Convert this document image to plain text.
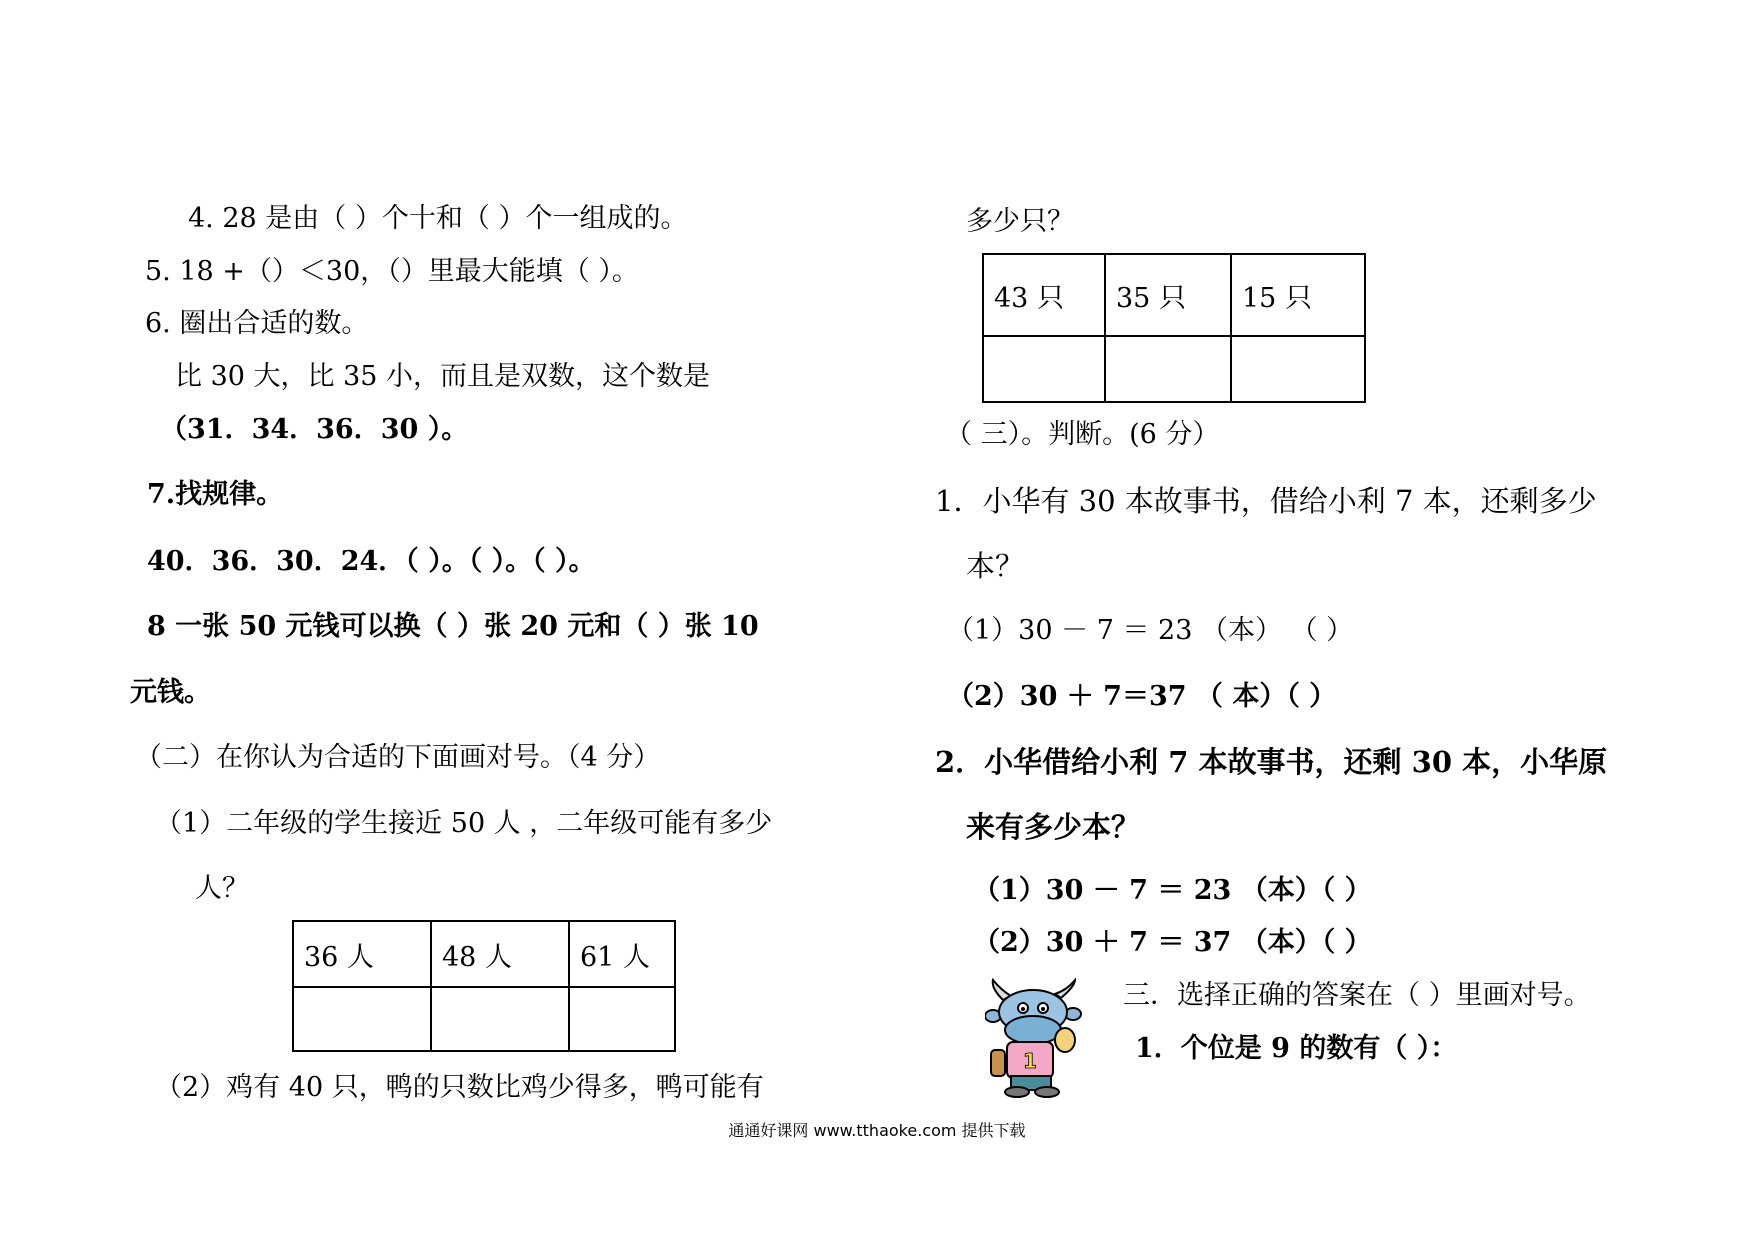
4. 28 是由（ ）个十和（ ）个一组成的。
5. 18 +（）＜30，（）里最大能填（ ）。
6. 圈出合适的数。
比 30 大，比 35 小，而且是双数，这个数是
（31．34．36．30 ）。
7.找规律。
40．36．30．24．（ ）。（ ）。（ ）。
8 一张 50 元钱可以换（ ）张 20 元和（ ）张 10
元钱。
（二）在你认为合适的下面画对号。（4 分）
（1）二年级的学生接近 50 人 ，二年级可能有多少
人？
36 人	48 人	61 人

（2）鸡有 40 只，鸭的只数比鸡少得多，鸭可能有
多少只？
43 只	35 只	15 只

（ 三）。判断。(6 分）
1．小华有 30 本故事书，借给小利 7 本，还剩多少
本？
（1）30 － 7 ＝ 23 （本） （ ）
（2）30 ＋ 7＝37 （ 本）（ ）
2．小华借给小利 7 本故事书，还剩 30 本，小华原
来有多少本？
（1）30 － 7 ＝ 23 （本）（ ）
（2）30 ＋ 7 ＝ 37 （本）（ ）
三．选择正确的答案在（ ）里画对号。
1．个位是 9 的数有（ ）：
1
通通好课网 www.tthaoke.com 提供下载
